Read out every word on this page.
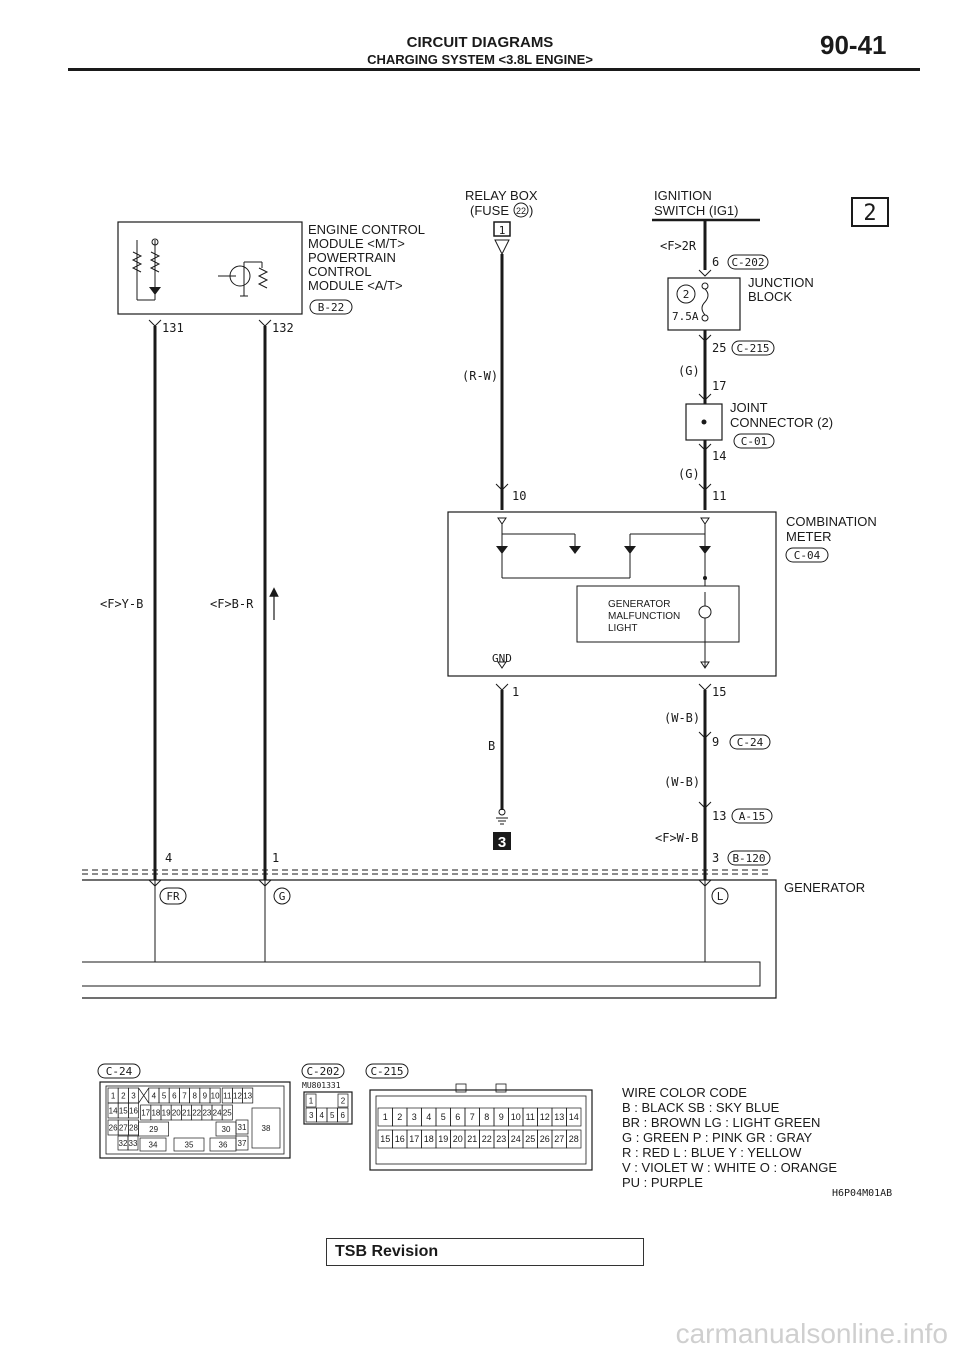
CIRCUIT DIAGRAMS
CHARGING SYSTEM <3.8L ENGINE>	90-41
2
ENGINE CONTROL
MODULE <M/T>
POWERTRAIN
CONTROL
MODULE <A/T>
B-22
131	132
<F>Y-B	<F>B-R
RELAY BOX
(FUSE 22 )
1
(R-W)
10
IGNITION
SWITCH (IG1)
<F>2R
6 C-202
2
7.5A
JUNCTION
BLOCK
25 C-215
(G)
17
JOINT
CONNECTOR (2)
C-01
14
(G)
11
GENERATOR
MALFUNCTION
LIGHT
GND
COMBINATION
METER
C-04
1
B
3
15
(W-B)
9 C-24
(W-B)
13 A-15
<F>W-B
3 B-120
4	1
FR	G	L
GENERATOR
C-24	C-202	C-215
MU801331
1 2 3 4 5 6 7 8 9 10 11 12 13
14 15 16 17 18 19 20 21 22 23 24 25
26 27 28 29	30 31
32 33 34	35	36 37
38
1	2
3 4 5 6	1 2 3 4 5 6 7 8 9 10 11 12 13 14
15 16 17 18 19 20 21 22 23 24 25 26 27 28
WIRE COLOR CODE
B : BLACK SB : SKY BLUE
BR : BROWN LG : LIGHT GREEN
G : GREEN P : PINK GR : GRAY
R : RED L : BLUE Y : YELLOW
V : VIOLET W : WHITE O : ORANGE
PU : PURPLE
H6P04M01AB
TSB Revision
carmanualsonline.info
